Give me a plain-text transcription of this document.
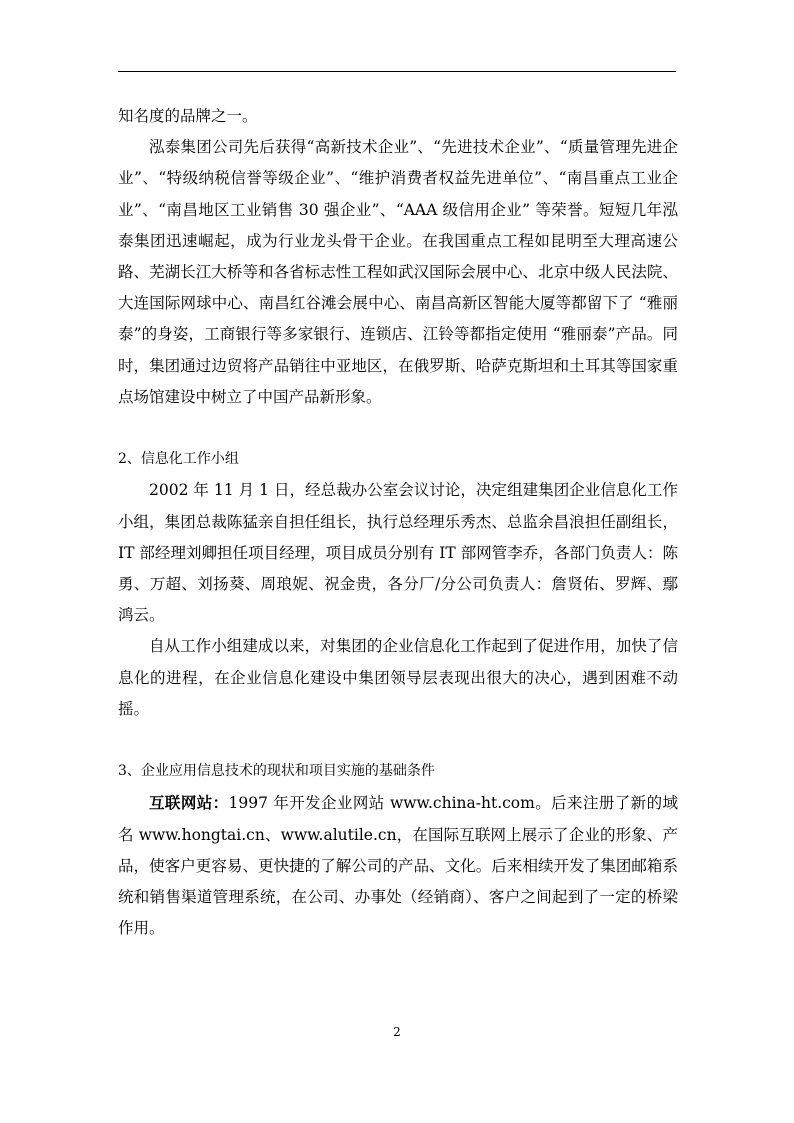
知名度的品牌之一。

泓泰集团公司先后获得“高新技术企业”、“先进技术企业”、“质量管理先进企业”、“特级纳税信誉等级企业”、“维护消费者权益先进单位”、“南昌重点工业企业”、“南昌地区工业销售 30 强企业”、“AAA 级信用企业” 等荣誉。短短几年泓泰集团迅速崛起，成为行业龙头骨干企业。在我国重点工程如昆明至大理高速公路、芜湖长江大桥等和各省标志性工程如武汉国际会展中心、北京中级人民法院、大连国际网球中心、南昌红谷滩会展中心、南昌高新区智能大厦等都留下了 “雅丽泰”的身姿，工商银行等多家银行、连锁店、江铃等都指定使用 “雅丽泰”产品。同时，集团通过边贸将产品销往中亚地区，在俄罗斯、哈萨克斯坦和土耳其等国家重点场馆建设中树立了中国产品新形象。

2、信息化工作小组

2002 年 11 月 1 日，经总裁办公室会议讨论，决定组建集团企业信息化工作小组，集团总裁陈猛亲自担任组长，执行总经理乐秀杰、总监余昌浪担任副组长，IT 部经理刘卿担任项目经理，项目成员分别有 IT 部网管李乔，各部门负责人：陈勇、万超、刘扬葵、周琅妮、祝金贵，各分厂/分公司负责人：詹贤佑、罗辉、鄢鸿云。

自从工作小组建成以来，对集团的企业信息化工作起到了促进作用，加快了信息化的进程，在企业信息化建设中集团领导层表现出很大的决心，遇到困难不动摇。

3、企业应用信息技术的现状和项目实施的基础条件

互联网站：1997 年开发企业网站 www.china-ht.com。后来注册了新的域名 www.hongtai.cn、www.alutile.cn，在国际互联网上展示了企业的形象、产品，使客户更容易、更快捷的了解公司的产品、文化。后来相续开发了集团邮箱系统和销售渠道管理系统，在公司、办事处（经销商）、客户之间起到了一定的桥梁作用。

2
